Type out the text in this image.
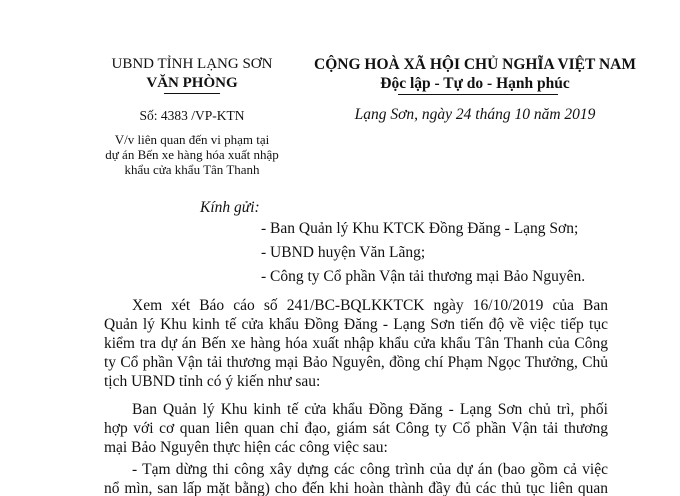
UBND TỈNH LẠNG SƠN
VĂN PHÒNG
CỘNG HOÀ XÃ HỘI CHỦ NGHĨA VIỆT NAM
Độc lập - Tự do - Hạnh phúc
Số: 4383 /VP-KTN	Lạng Sơn, ngày 24 tháng 10 năm 2019
V/v liên quan đến vi phạm tại
dự án Bến xe hàng hóa xuất nhập
khẩu cửa khẩu Tân Thanh
Kính gửi:
- Ban Quản lý Khu KTCK Đồng Đăng - Lạng Sơn;
- UBND huyện Văn Lãng;
- Công ty Cổ phần Vận tải thương mại Bảo Nguyên.
Xem xét Báo cáo số 241/BC-BQLKKTCK ngày 16/10/2019 của Ban
Quản lý Khu kinh tế cửa khẩu Đồng Đăng - Lạng Sơn tiến độ về việc tiếp tục
kiểm tra dự án Bến xe hàng hóa xuất nhập khẩu cửa khẩu Tân Thanh của Công
ty Cổ phần Vận tải thương mại Bảo Nguyên, đồng chí Phạm Ngọc Thưởng, Chủ
tịch UBND tỉnh có ý kiến như sau:
Ban Quản lý Khu kinh tế cửa khẩu Đồng Đăng - Lạng Sơn chủ trì, phối
hợp với cơ quan liên quan chỉ đạo, giám sát Công ty Cổ phần Vận tải thương
mại Bảo Nguyên thực hiện các công việc sau:
- Tạm dừng thi công xây dựng các công trình của dự án (bao gồm cả việc
nổ mìn, san lấp mặt bằng) cho đến khi hoàn thành đầy đủ các thủ tục liên quan
